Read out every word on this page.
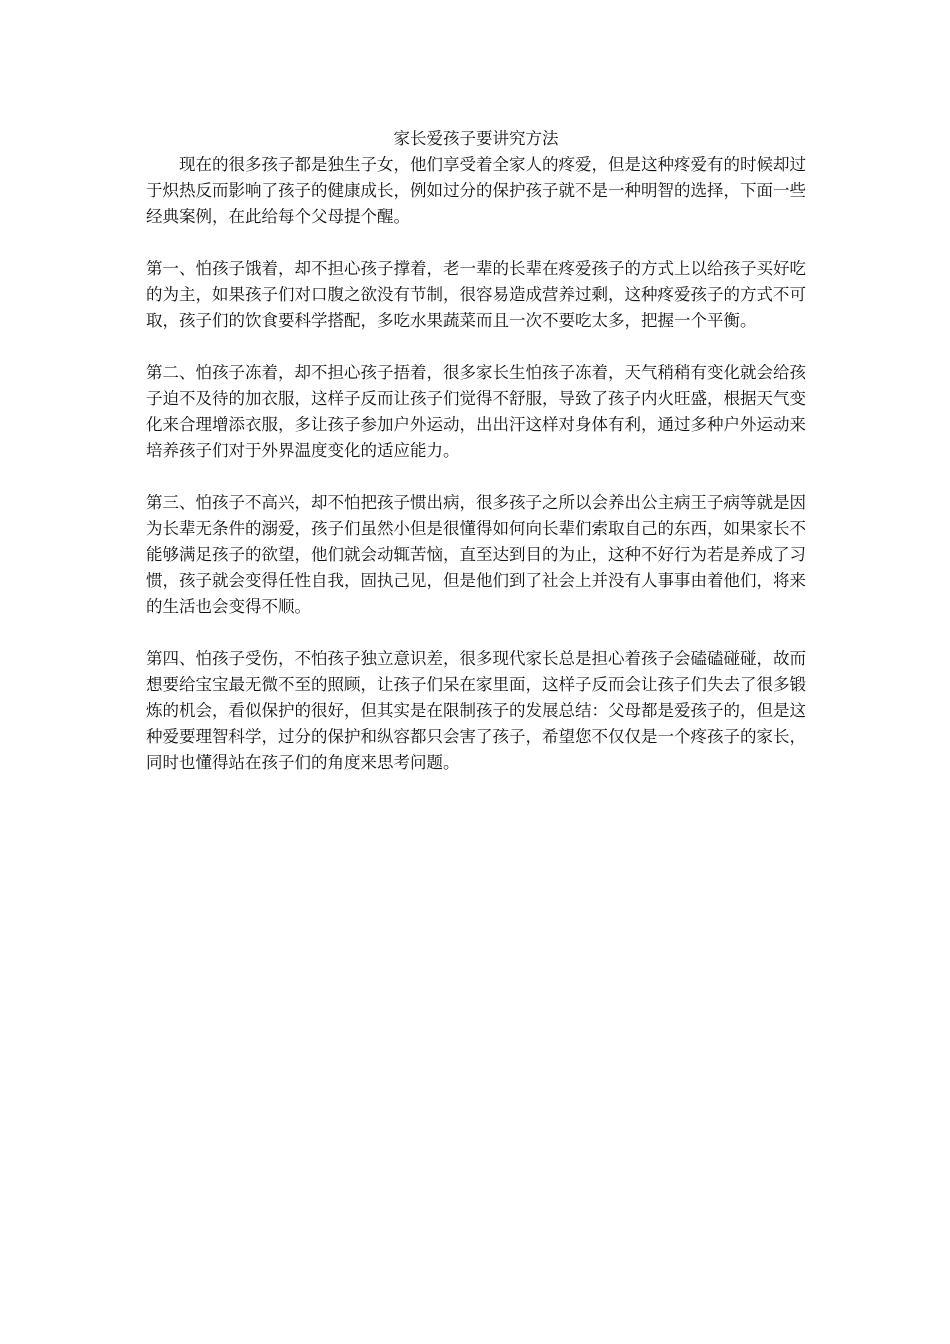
家长爱孩子要讲究方法

现在的很多孩子都是独生子女，他们享受着全家人的疼爱，但是这种疼爱有的时候却过于炽热反而影响了孩子的健康成长，例如过分的保护孩子就不是一种明智的选择，下面一些经典案例，在此给每个父母提个醒。

第一、怕孩子饿着，却不担心孩子撑着，老一辈的长辈在疼爱孩子的方式上以给孩子买好吃的为主，如果孩子们对口腹之欲没有节制，很容易造成营养过剩，这种疼爱孩子的方式不可取，孩子们的饮食要科学搭配，多吃水果蔬菜而且一次不要吃太多，把握一个平衡。

第二、怕孩子冻着，却不担心孩子捂着，很多家长生怕孩子冻着，天气稍稍有变化就会给孩子迫不及待的加衣服，这样子反而让孩子们觉得不舒服，导致了孩子内火旺盛，根据天气变化来合理增添衣服，多让孩子参加户外运动，出出汗这样对身体有利，通过多种户外运动来培养孩子们对于外界温度变化的适应能力。

第三、怕孩子不高兴，却不怕把孩子惯出病，很多孩子之所以会养出公主病王子病等就是因为长辈无条件的溺爱，孩子们虽然小但是很懂得如何向长辈们索取自己的东西，如果家长不能够满足孩子的欲望，他们就会动辄苦恼，直至达到目的为止，这种不好行为若是养成了习惯，孩子就会变得任性自我，固执己见，但是他们到了社会上并没有人事事由着他们，将来的生活也会变得不顺。

第四、怕孩子受伤，不怕孩子独立意识差，很多现代家长总是担心着孩子会磕磕碰碰，故而想要给宝宝最无微不至的照顾，让孩子们呆在家里面，这样子反而会让孩子们失去了很多锻炼的机会，看似保护的很好，但其实是在限制孩子的发展总结：父母都是爱孩子的，但是这种爱要理智科学，过分的保护和纵容都只会害了孩子，希望您不仅仅是一个疼孩子的家长，同时也懂得站在孩子们的角度来思考问题。
